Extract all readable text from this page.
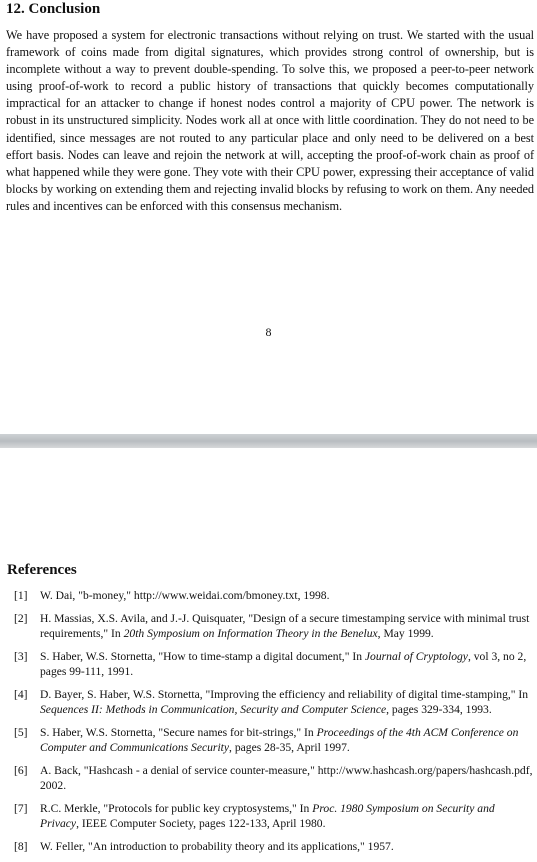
12. Conclusion

We have proposed a system for electronic transactions without relying on trust. We started with the usual framework of coins made from digital signatures, which provides strong control of ownership, but is incomplete without a way to prevent double-spending. To solve this, we proposed a peer-to-peer network using proof-of-work to record a public history of transactions that quickly becomes computationally impractical for an attacker to change if honest nodes control a majority of CPU power. The network is robust in its unstructured simplicity. Nodes work all at once with little coordination. They do not need to be identified, since messages are not routed to any particular place and only need to be delivered on a best effort basis. Nodes can leave and rejoin the network at will, accepting the proof-of-work chain as proof of what happened while they were gone. They vote with their CPU power, expressing their acceptance of valid blocks by working on extending them and rejecting invalid blocks by refusing to work on them. Any needed rules and incentives can be enforced with this consensus mechanism.

8
References
[1]	W. Dai, "b-money," http://www.weidai.com/bmoney.txt, 1998.
[2]	H. Massias, X.S. Avila, and J.-J. Quisquater, "Design of a secure timestamping service with minimal trust requirements," In 20th Symposium on Information Theory in the Benelux, May 1999.
[3]	S. Haber, W.S. Stornetta, "How to time-stamp a digital document," In Journal of Cryptology, vol 3, no 2, pages 99-111, 1991.
[4]	D. Bayer, S. Haber, W.S. Stornetta, "Improving the efficiency and reliability of digital time-stamping," In Sequences II: Methods in Communication, Security and Computer Science, pages 329-334, 1993.
[5]	S. Haber, W.S. Stornetta, "Secure names for bit-strings," In Proceedings of the 4th ACM Conference on Computer and Communications Security, pages 28-35, April 1997.
[6]	A. Back, "Hashcash - a denial of service counter-measure," http://www.hashcash.org/papers/hashcash.pdf, 2002.
[7]	R.C. Merkle, "Protocols for public key cryptosystems," In Proc. 1980 Symposium on Security and Privacy, IEEE Computer Society, pages 122-133, April 1980.
[8]	W. Feller, "An introduction to probability theory and its applications," 1957.
